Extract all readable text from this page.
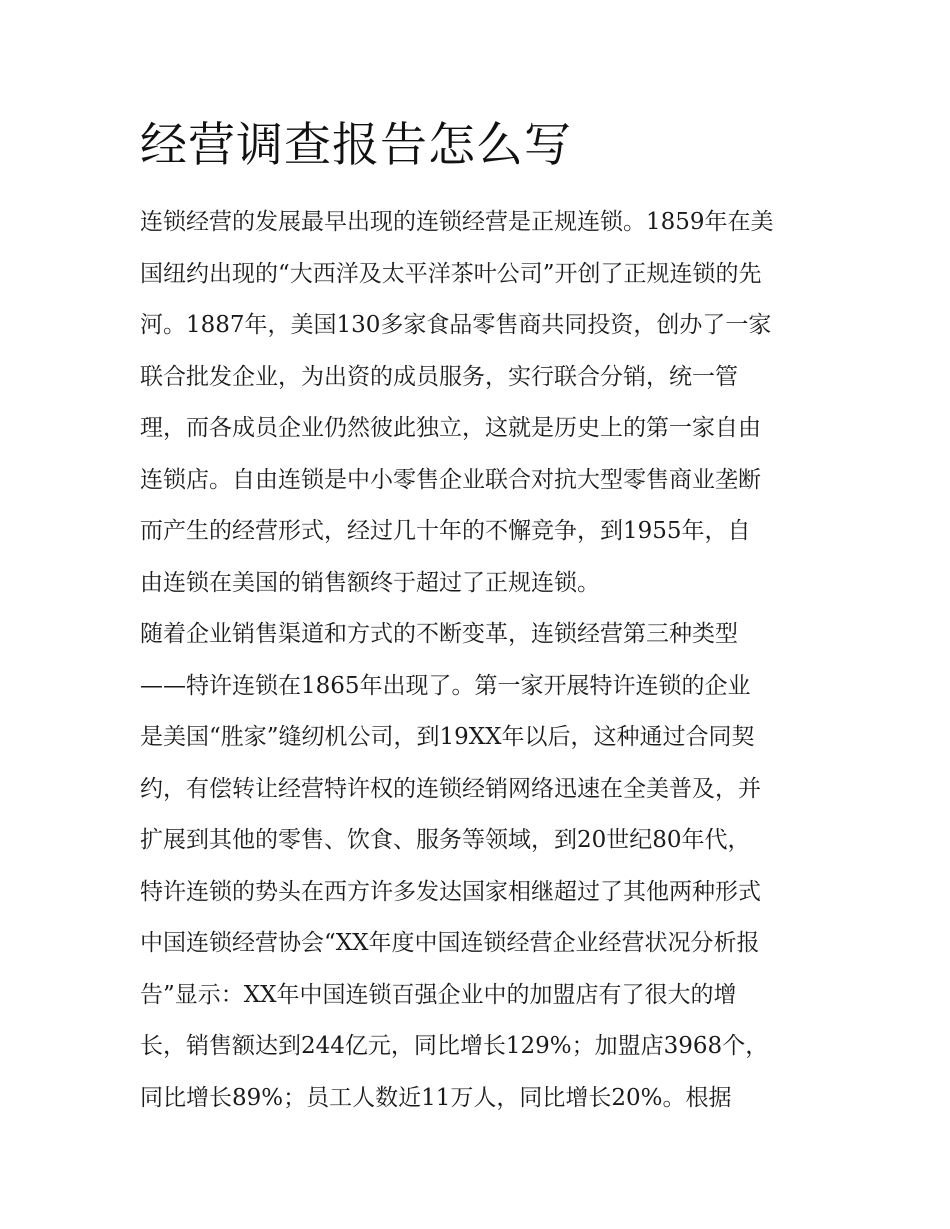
经营调查报告怎么写
连锁经营的发展最早出现的连锁经营是正规连锁。1859年在美
国纽约出现的“大西洋及太平洋茶叶公司”开创了正规连锁的先
河。1887年，美国130多家食品零售商共同投资，创办了一家
联合批发企业，为出资的成员服务，实行联合分销，统一管
理，而各成员企业仍然彼此独立，这就是历史上的第一家自由
连锁店。自由连锁是中小零售企业联合对抗大型零售商业垄断
而产生的经营形式，经过几十年的不懈竞争，到1955年，自
由连锁在美国的销售额终于超过了正规连锁。
随着企业销售渠道和方式的不断变革，连锁经营第三种类型
——特许连锁在1865年出现了。第一家开展特许连锁的企业
是美国“胜家”缝纫机公司，到19XX年以后，这种通过合同契
约，有偿转让经营特许权的连锁经销网络迅速在全美普及，并
扩展到其他的零售、饮食、服务等领域，到20世纪80年代，
特许连锁的势头在西方许多发达国家相继超过了其他两种形式
中国连锁经营协会“XX年度中国连锁经营企业经营状况分析报
告”显示：XX年中国连锁百强企业中的加盟店有了很大的增
长，销售额达到244亿元，同比增长129%；加盟店3968个，
同比增长89%；员工人数近11万人，同比增长20%。根据
